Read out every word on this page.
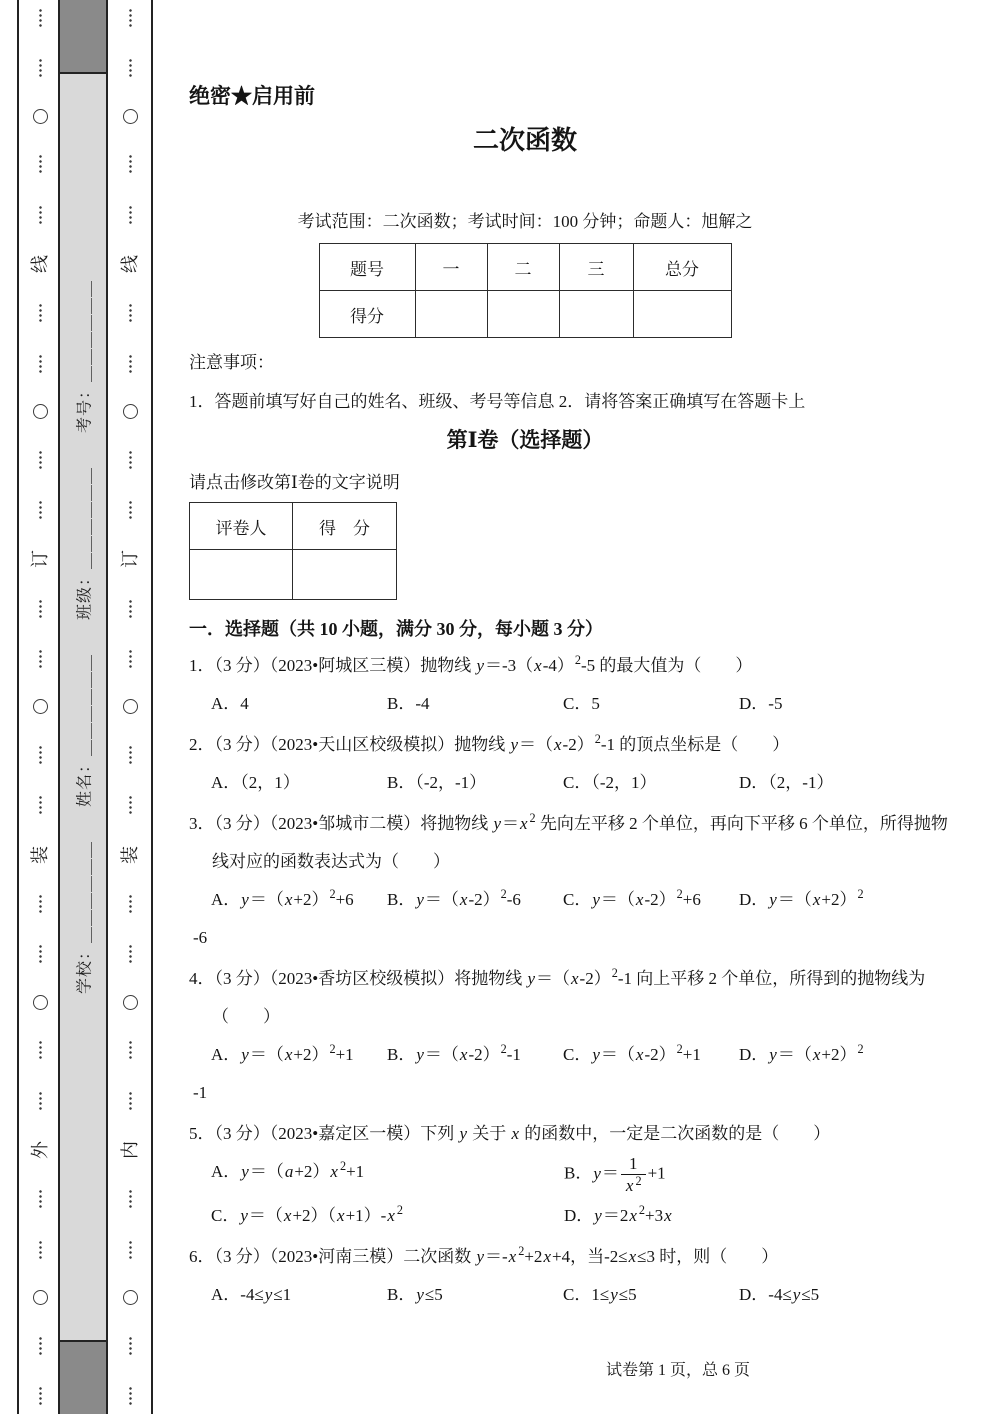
线
订
装
外
学校：＿＿＿＿＿＿　　姓名：＿＿＿＿＿＿　　班级：＿＿＿＿＿＿　　考号：＿＿＿＿＿＿
线
订
装
内
绝密★启用前
二次函数
考试范围：二次函数；考试时间：100 分钟；命题人：旭解之
题号	一	二	三	总分
得分				
注意事项：
1．答题前填写好自己的姓名、班级、考号等信息 2．请将答案正确填写在答题卡上
第Ⅰ卷（选择题）
请点击修改第Ⅰ卷的文字说明
评卷人	得　分

一．选择题（共 10 小题，满分 30 分，每小题 3 分）
1．（3 分）（2023•阿城区三模）抛物线 $y=-3(x-4)^2-5$ 的最大值为（　　）
A．4	B．-4	C．5	D．-5
2．（3 分）（2023•天山区校级模拟）抛物线 $y=(x-2)^2-1$ 的顶点坐标是（　　）
A．（2，1）	B．（-2，-1）	C．（-2，1）	D．（2，-1）
3．（3 分）（2023•邹城市二模）将抛物线 y＝x $^2$ 先向左平移 2 个单位，再向下平移 6 个单位，所得抛物线对应的函数表达式为（　　）
A．$y=(x+2)^2+6$	B．$y=(x-2)^2-6$	C．$y=(x-2)^2+6$	D．$y=(x+2)^2$
-6
4．（3 分）（2023•香坊区校级模拟）将抛物线 $y=(x-2)^2-1$ 向上平移 2 个单位，所得到的抛物线为（　　）
A．$y=(x+2)^2+1$	B．$y=(x-2)^2-1$	C．$y=(x-2)^2+1$	D．$y=(x+2)^2$
-1
5．（3 分）（2023•嘉定区一模）下列 y 关于 x 的函数中，一定是二次函数的是（　　）
A．y＝（a+2）x $^2$+1	B．$y= \frac{1}{x ^2} +1$
C．y＝（x+2）（x+1）-x $^2$	D．y＝2x $^2$+3x
6．（3 分）（2023•河南三模）二次函数 y＝-x $^2$+2x+4，当-2≤x≤3 时，则（　　）
A．-4≤y≤1	B．y≤5	C．1≤y≤5	D．-4≤y≤5
试卷第 1 页，总 6 页
